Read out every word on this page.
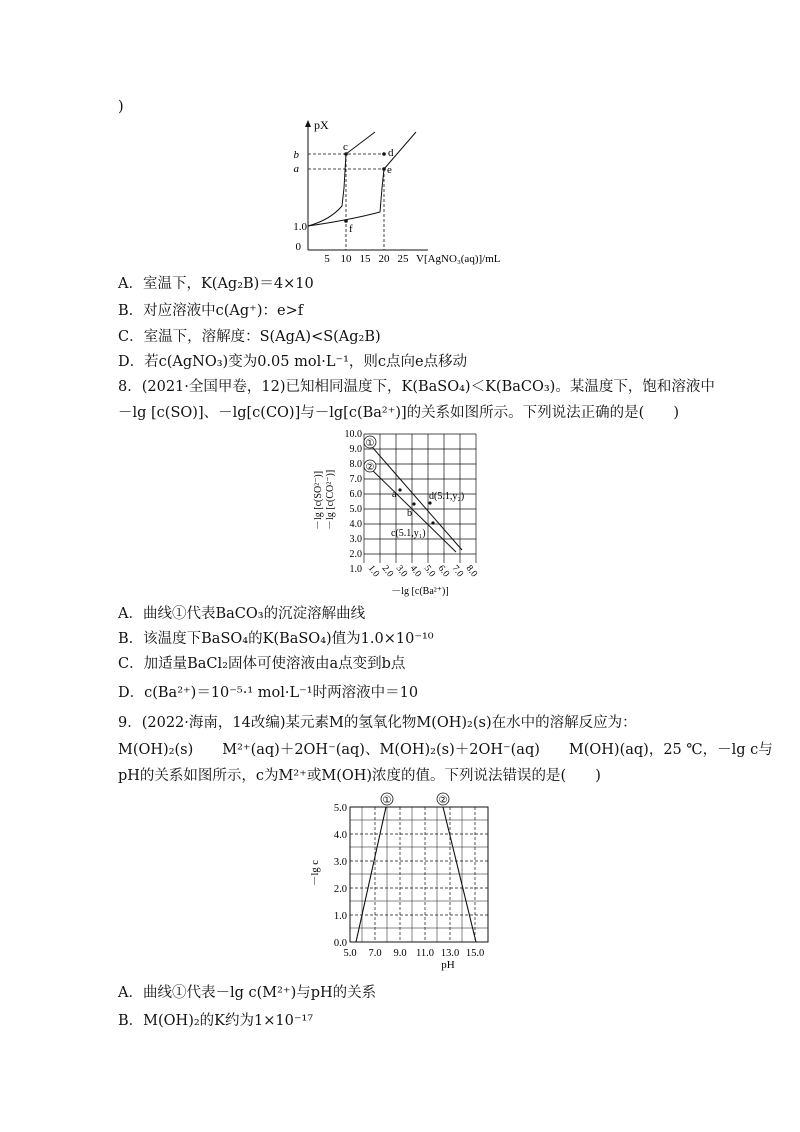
)
pX
b
a
1.0
0
c	d
e
f
5 10 15 20 25 V[AgNO₃(aq)]/mL
A．室温下，K(Ag₂B)＝4×10
B．对应溶液中c(Ag⁺)：e>f
C．室温下，溶解度：S(AgA)<S(Ag₂B)
D．若c(AgNO₃)变为0.05 mol·L⁻¹，则c点向e点移动
8．(2021·全国甲卷，12)已知相同温度下，K(BaSO₄)＜K(BaCO₃)。某温度下，饱和溶液中
－lg [c(SO)]、－lg[c(CO)]与－lg[c(Ba²⁺)]的关系如图所示。下列说法正确的是(　　)
①
②
a
b
d(5.1,y₂)
c(5.1,y₁)
10.0
9.0
8.0
7.0
6.0
5.0
4.0
3.0
2.0
1.0
－lg [c(SO²⁻)] －lg [c(CO²⁻)]
1.0
2.0
3.0
4.0
5.0
6.0
7.0
8.0
－lg [c(Ba²⁺)]
A．曲线①代表BaCO₃的沉淀溶解曲线
B．该温度下BaSO₄的K(BaSO₄)值为1.0×10⁻¹⁰
C．加适量BaCl₂固体可使溶液由a点变到b点
D．c(Ba²⁺)＝10⁻⁵·¹ mol·L⁻¹时两溶液中＝10
9．(2022·海南，14改编)某元素M的氢氧化物M(OH)₂(s)在水中的溶解反应为：
M(OH)₂(s)　　M²⁺(aq)＋2OH⁻(aq)、M(OH)₂(s)＋2OH⁻(aq)　　M(OH)(aq)，25 ℃，－lg c与
pH的关系如图所示，c为M²⁺或M(OH)浓度的值。下列说法错误的是(　　)
①	②
5.0
4.0
3.0
2.0
1.0
0.0
－lg c
5.0 7.0 9.0 11.0 13.0 15.0
pH
A．曲线①代表－lg c(M²⁺)与pH的关系
B．M(OH)₂的K约为1×10⁻¹⁷
